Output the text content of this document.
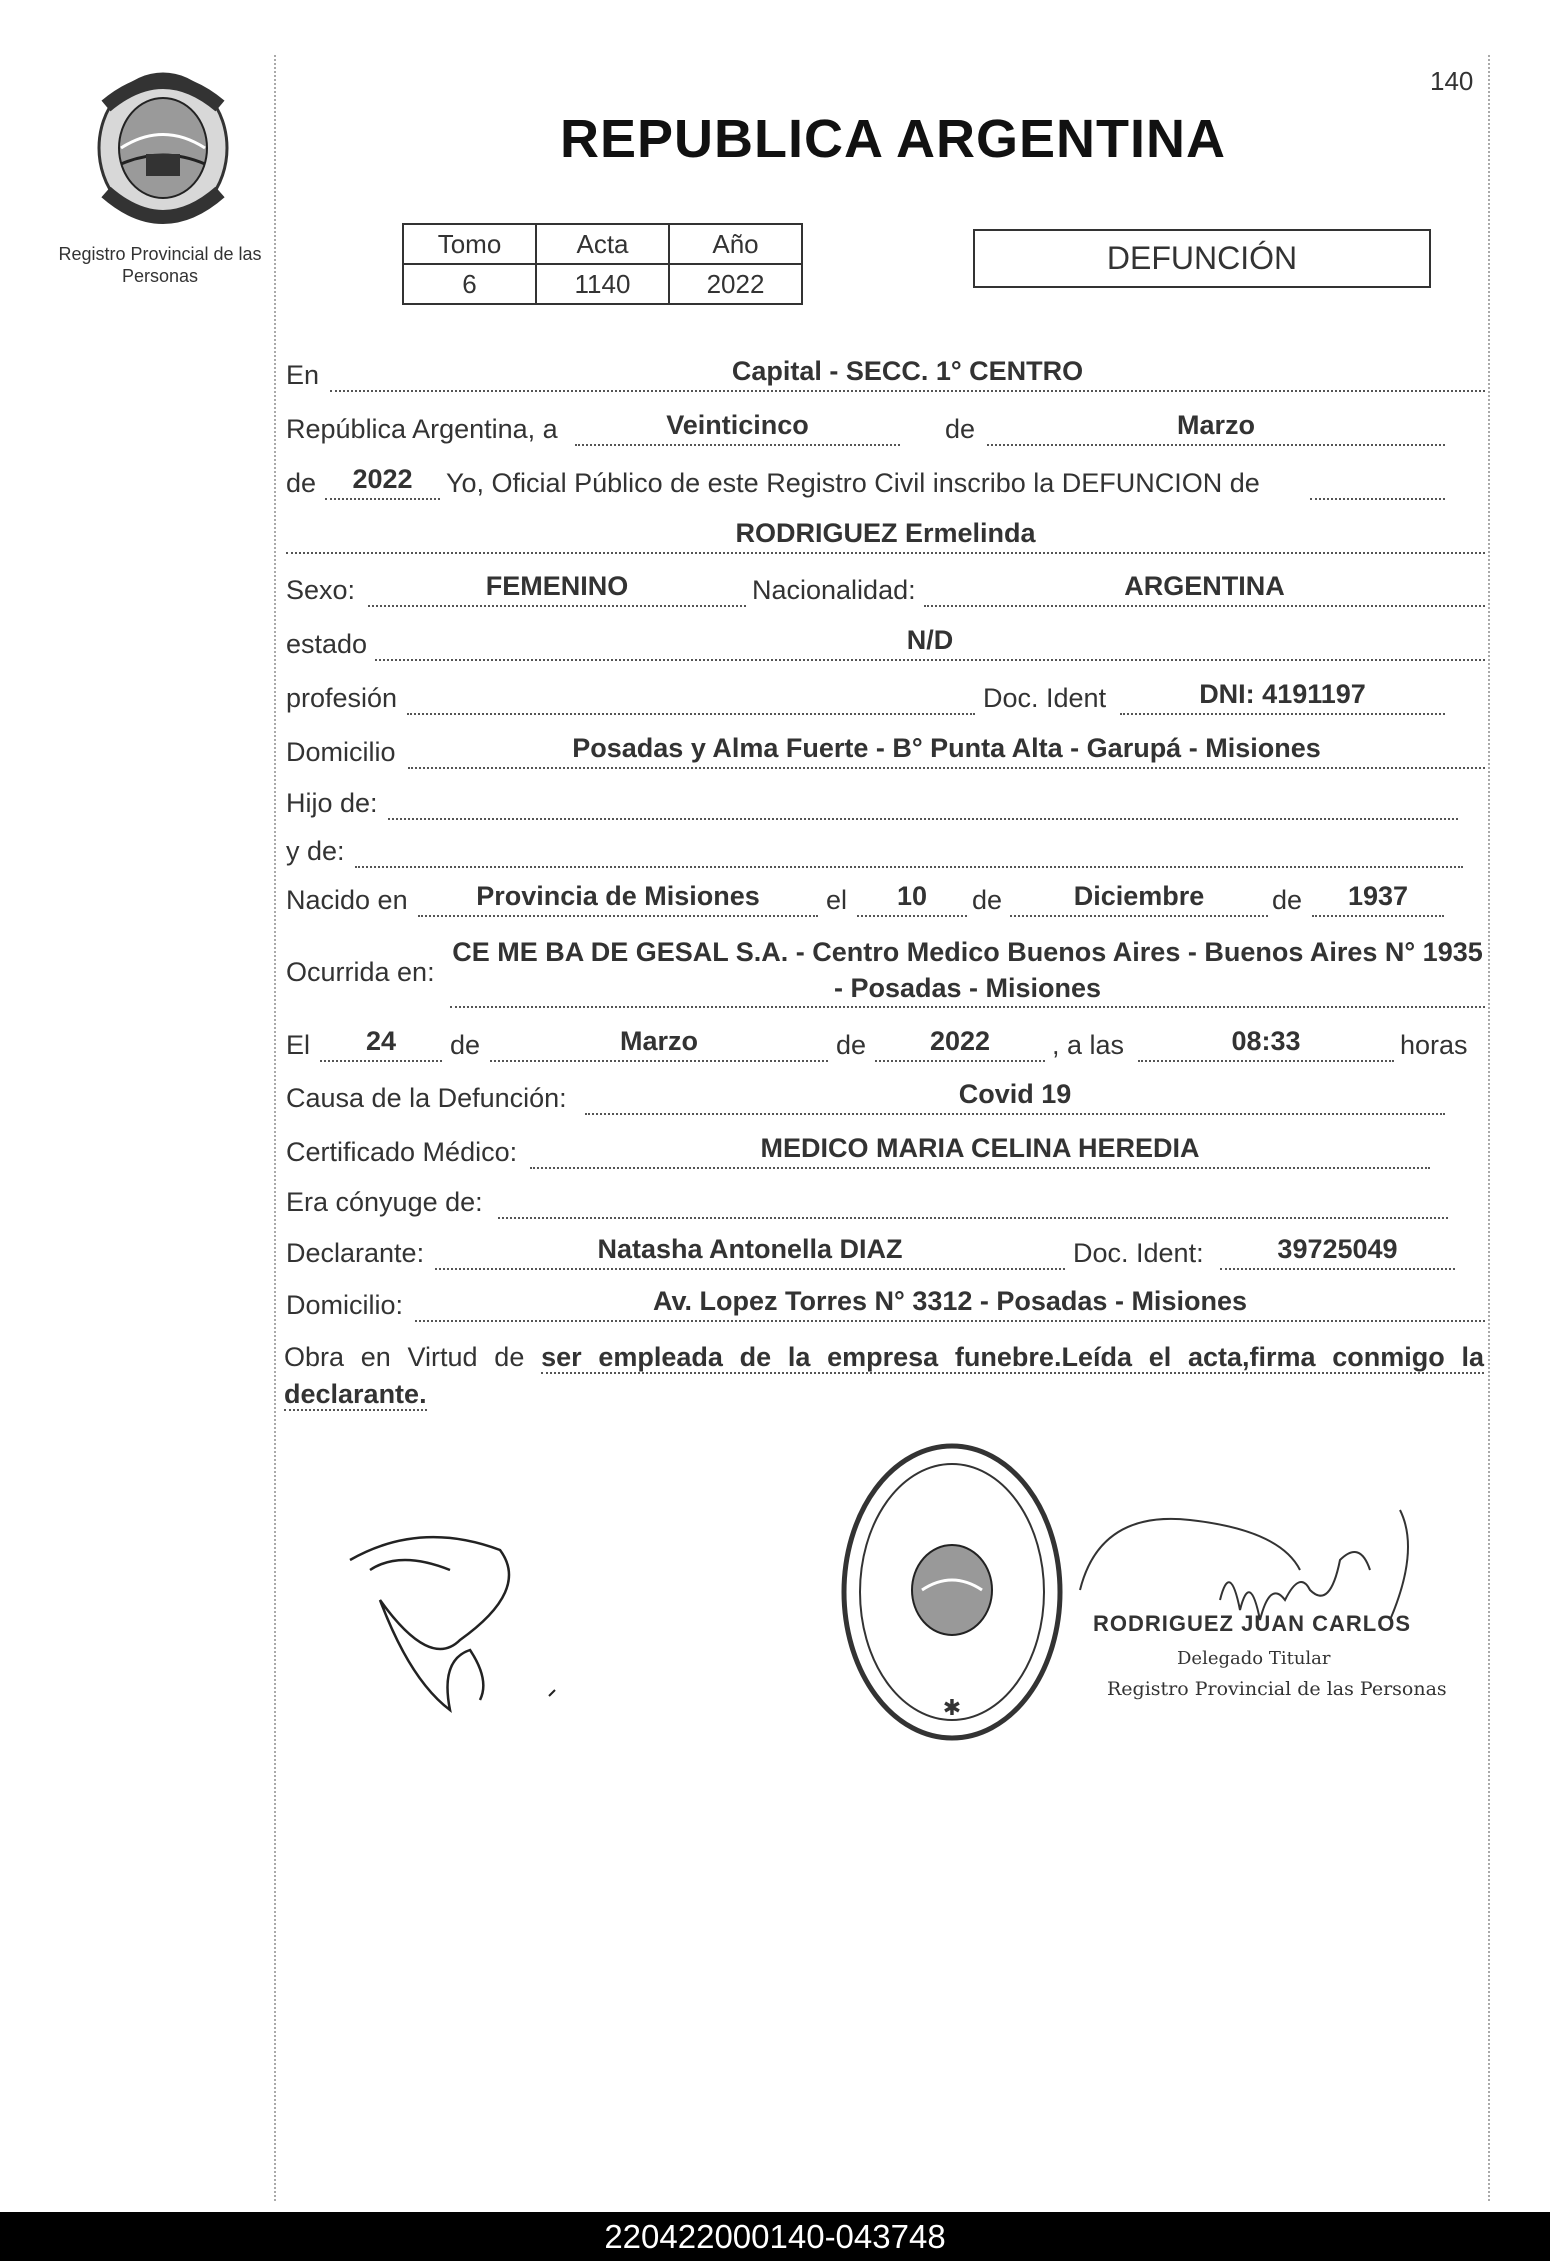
140
Registro Provincial de las Personas
REPUBLICA ARGENTINA
Tomo	Acta	Año
6	1140	2022
DEFUNCIÓN
En	Capital - SECC. 1° CENTRO
República Argentina, a	Veinticinco	de	Marzo
de	2022	Yo, Oficial Público de este Registro Civil inscribo la DEFUNCION de
RODRIGUEZ Ermelinda
Sexo:	FEMENINO	Nacionalidad:	ARGENTINA
estado	N/D
profesión	Doc. Ident	DNI: 4191197
Domicilio	Posadas y Alma Fuerte - B° Punta Alta - Garupá - Misiones
Hijo de:
y de:
Nacido en	Provincia de Misiones	el	10	de	Diciembre	de	1937
Ocurrida en:
CE ME BA DE GESAL S.A. - Centro Medico Buenos Aires - Buenos Aires N° 1935 - Posadas - Misiones
El	24	de	Marzo	de	2022	, a las	08:33	horas
Causa de la Defunción:	Covid 19
Certificado Médico:	MEDICO MARIA CELINA HEREDIA
Era cónyuge de:
Declarante:	Natasha Antonella DIAZ	Doc. Ident:	39725049
Domicilio:	Av. Lopez Torres N° 3312 - Posadas - Misiones
Obra en Virtud de ser empleada de la empresa funebre.Leída el acta,firma conmigo la declarante.
✱
RODRIGUEZ JUAN CARLOS
Delegado Titular
Registro Provincial de las Personas
220422000140-043748
